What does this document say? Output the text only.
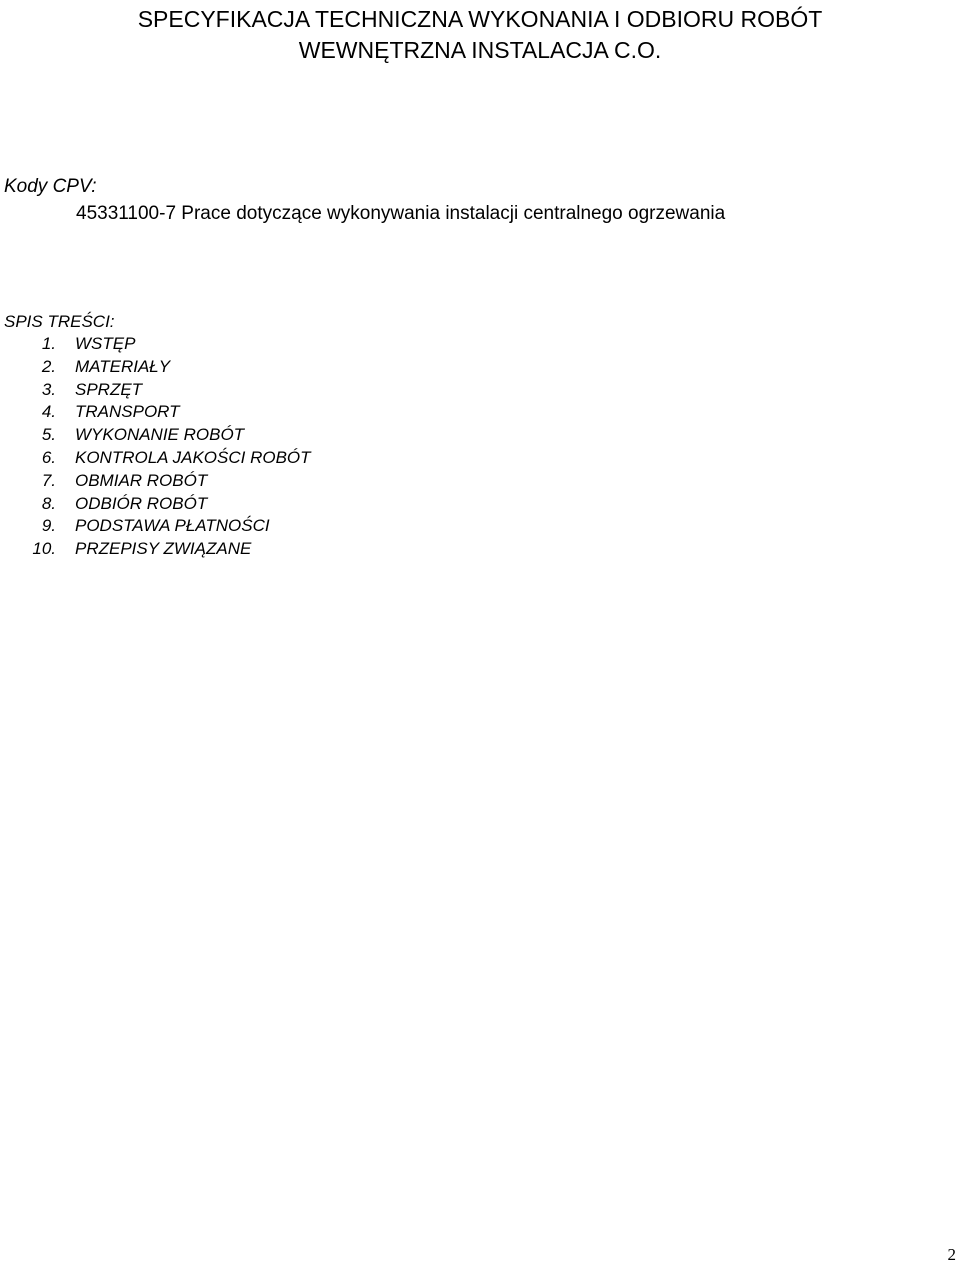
SPECYFIKACJA TECHNICZNA WYKONANIA I ODBIORU ROBÓT
WEWNĘTRZNA INSTALACJA C.O.
Kody CPV:
45331100-7 Prace dotyczące wykonywania instalacji centralnego ogrzewania
SPIS TREŚCI:
1. WSTĘP
2. MATERIAŁY
3. SPRZĘT
4. TRANSPORT
5. WYKONANIE ROBÓT
6. KONTROLA JAKOŚCI ROBÓT
7. OBMIAR ROBÓT
8. ODBIÓR ROBÓT
9. PODSTAWA PŁATNOŚCI
10. PRZEPISY ZWIĄZANE
2
